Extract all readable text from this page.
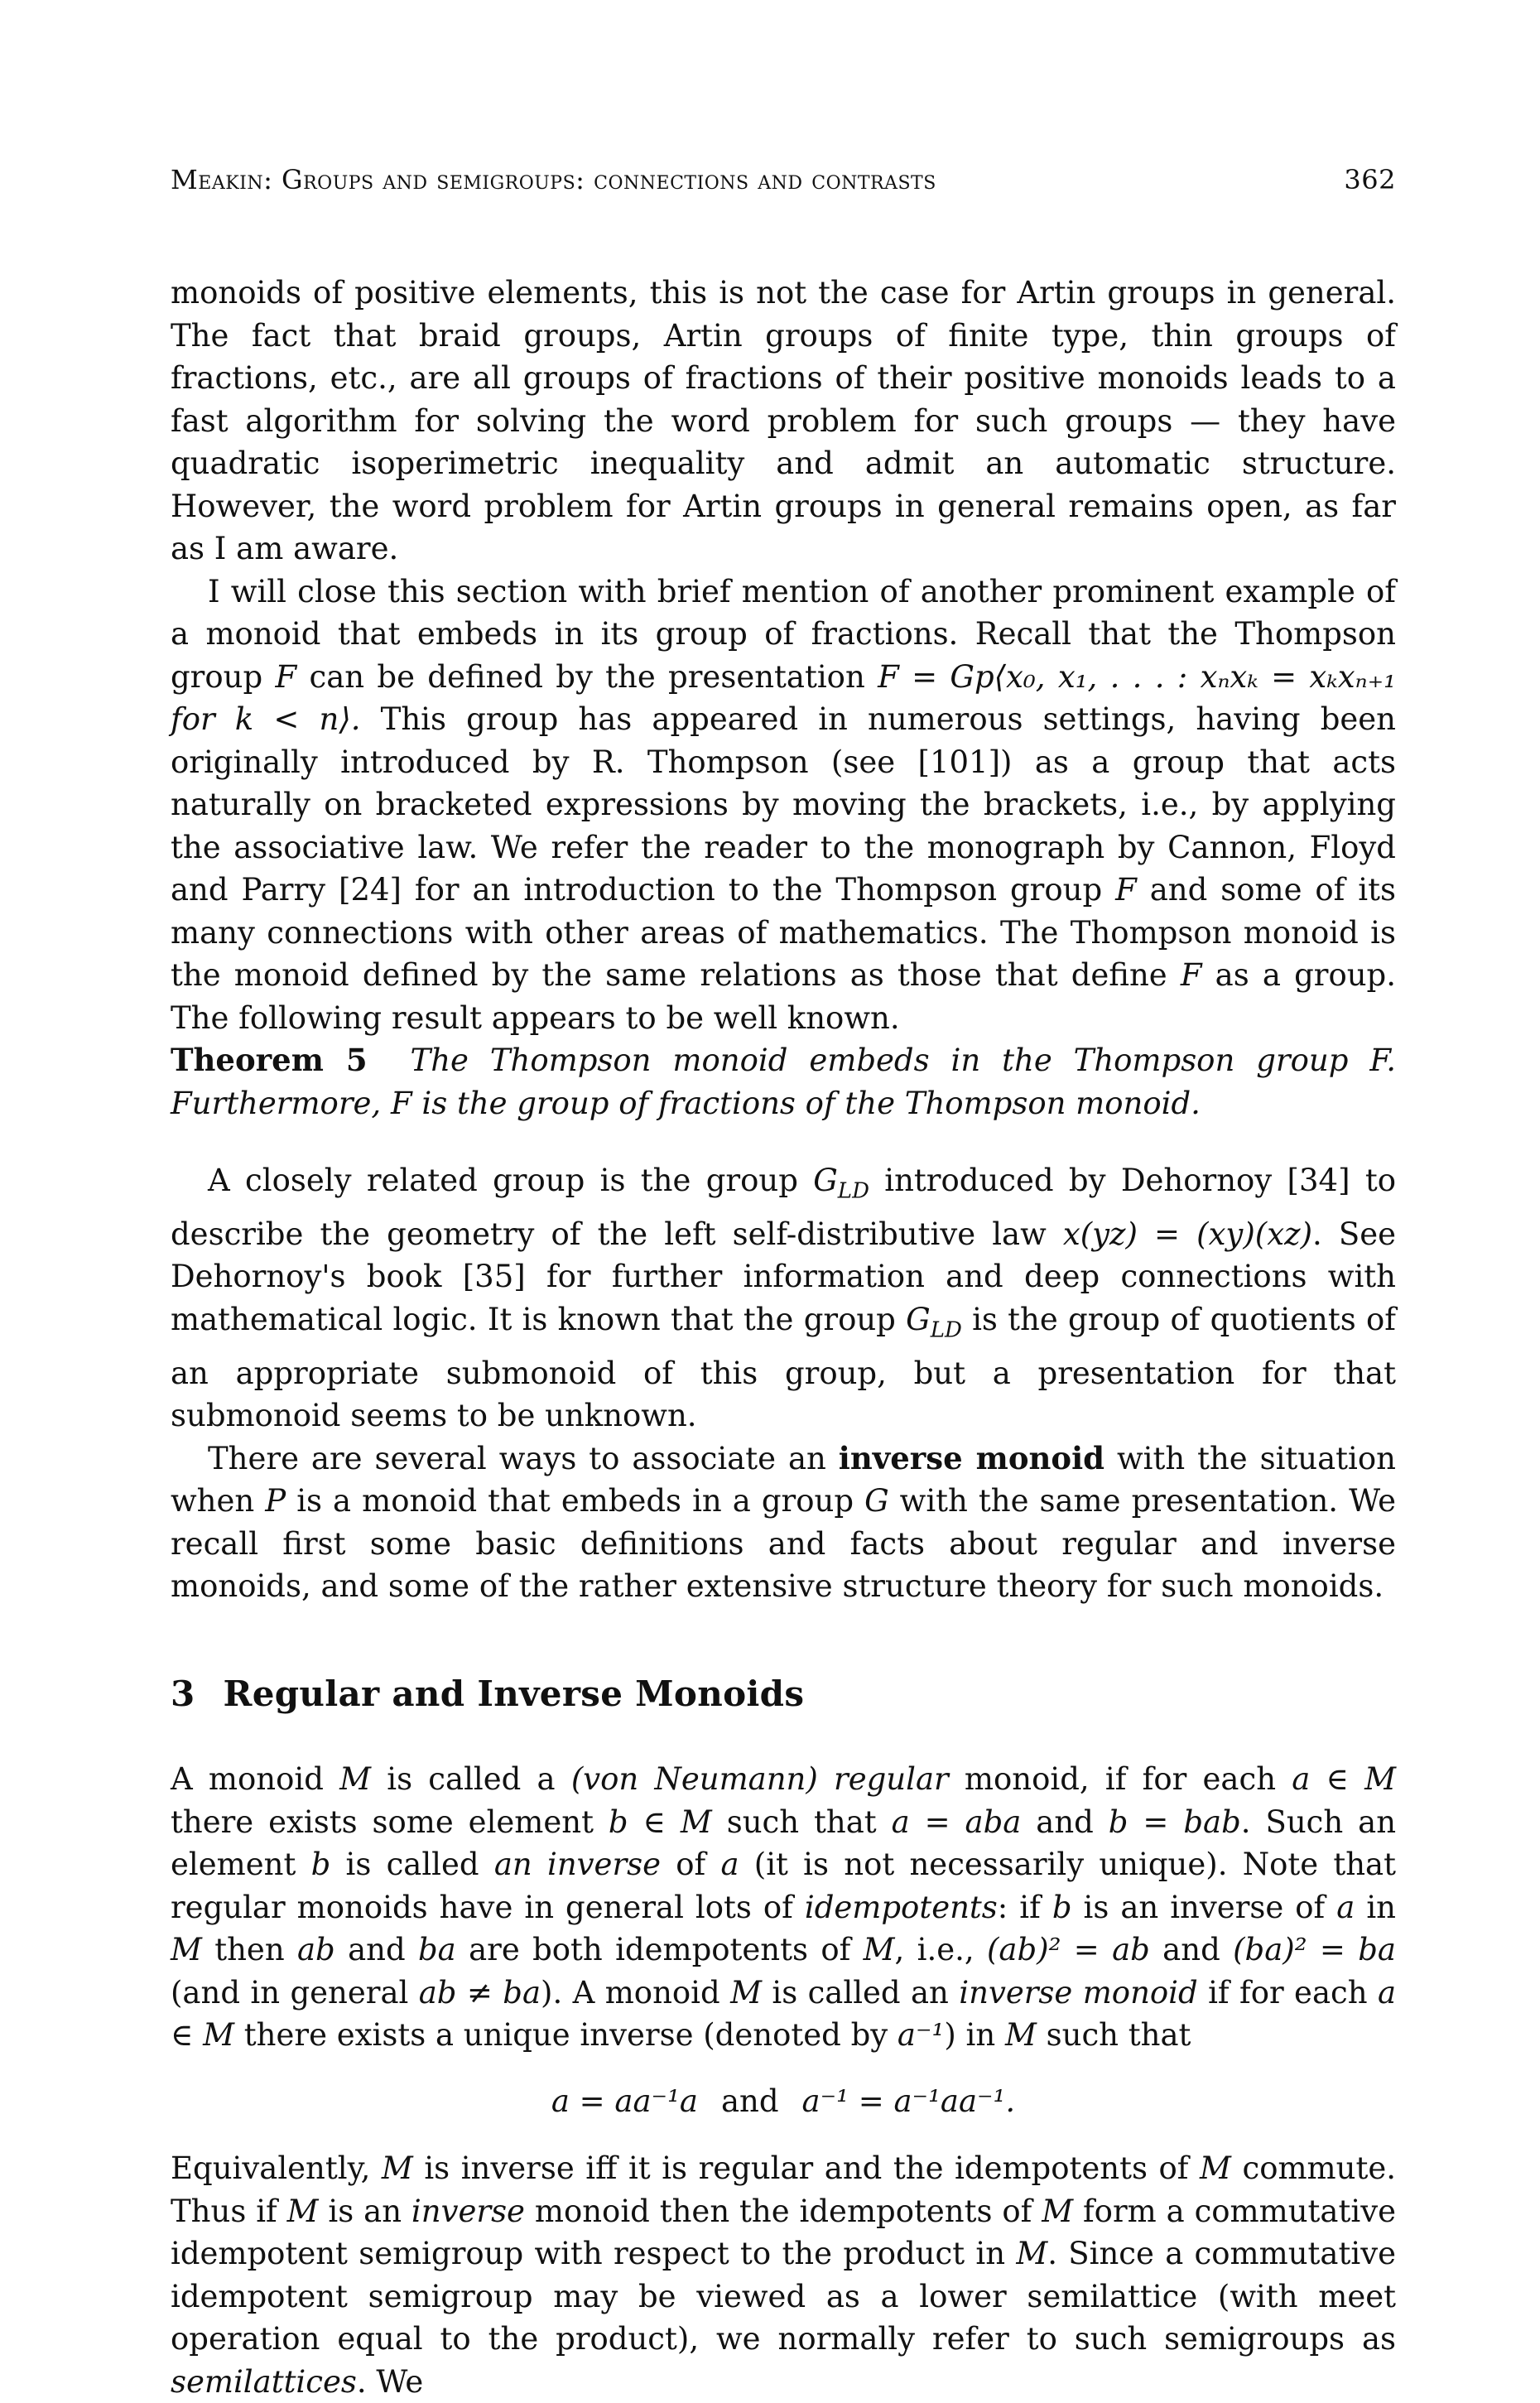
Meakin: Groups and semigroups: connections and contrasts	362

monoids of positive elements, this is not the case for Artin groups in general. The fact that braid groups, Artin groups of finite type, thin groups of fractions, etc., are all groups of fractions of their positive monoids leads to a fast algorithm for solving the word problem for such groups — they have quadratic isoperimetric inequality and admit an automatic structure. However, the word problem for Artin groups in general remains open, as far as I am aware.

I will close this section with brief mention of another prominent example of a monoid that embeds in its group of fractions. Recall that the Thompson group F can be defined by the presentation F = Gp⟨x₀, x₁, . . . : xₙxₖ = xₖxₙ₊₁ for k < n⟩. This group has appeared in numerous settings, having been originally introduced by R. Thompson (see [101]) as a group that acts naturally on bracketed expressions by moving the brackets, i.e., by applying the associative law. We refer the reader to the monograph by Cannon, Floyd and Parry [24] for an introduction to the Thompson group F and some of its many connections with other areas of mathematics. The Thompson monoid is the monoid defined by the same relations as those that define F as a group. The following result appears to be well known.

Theorem 5 The Thompson monoid embeds in the Thompson group F. Furthermore, F is the group of fractions of the Thompson monoid.

A closely related group is the group $G_{LD}$ introduced by Dehornoy [34] to describe the geometry of the left self-distributive law x(yz) = (xy)(xz). See Dehornoy's book [35] for further information and deep connections with mathematical logic. It is known that the group $G_{LD}$ is the group of quotients of an appropriate submonoid of this group, but a presentation for that submonoid seems to be unknown.

There are several ways to associate an inverse monoid with the situation when P is a monoid that embeds in a group G with the same presentation. We recall first some basic definitions and facts about regular and inverse monoids, and some of the rather extensive structure theory for such monoids.

3 Regular and Inverse Monoids

A monoid M is called a (von Neumann) regular monoid, if for each a ∈ M there exists some element b ∈ M such that a = aba and b = bab. Such an element b is called an inverse of a (it is not necessarily unique). Note that regular monoids have in general lots of idempotents: if b is an inverse of a in M then ab and ba are both idempotents of M, i.e., (ab)² = ab and (ba)² = ba (and in general ab ≠ ba). A monoid M is called an inverse monoid if for each a ∈ M there exists a unique inverse (denoted by a⁻¹) in M such that

a = aa⁻¹a and a⁻¹ = a⁻¹aa⁻¹.

Equivalently, M is inverse iff it is regular and the idempotents of M commute. Thus if M is an inverse monoid then the idempotents of M form a commutative idempotent semigroup with respect to the product in M. Since a commutative idempotent semigroup may be viewed as a lower semilattice (with meet operation equal to the product), we normally refer to such semigroups as semilattices. We
